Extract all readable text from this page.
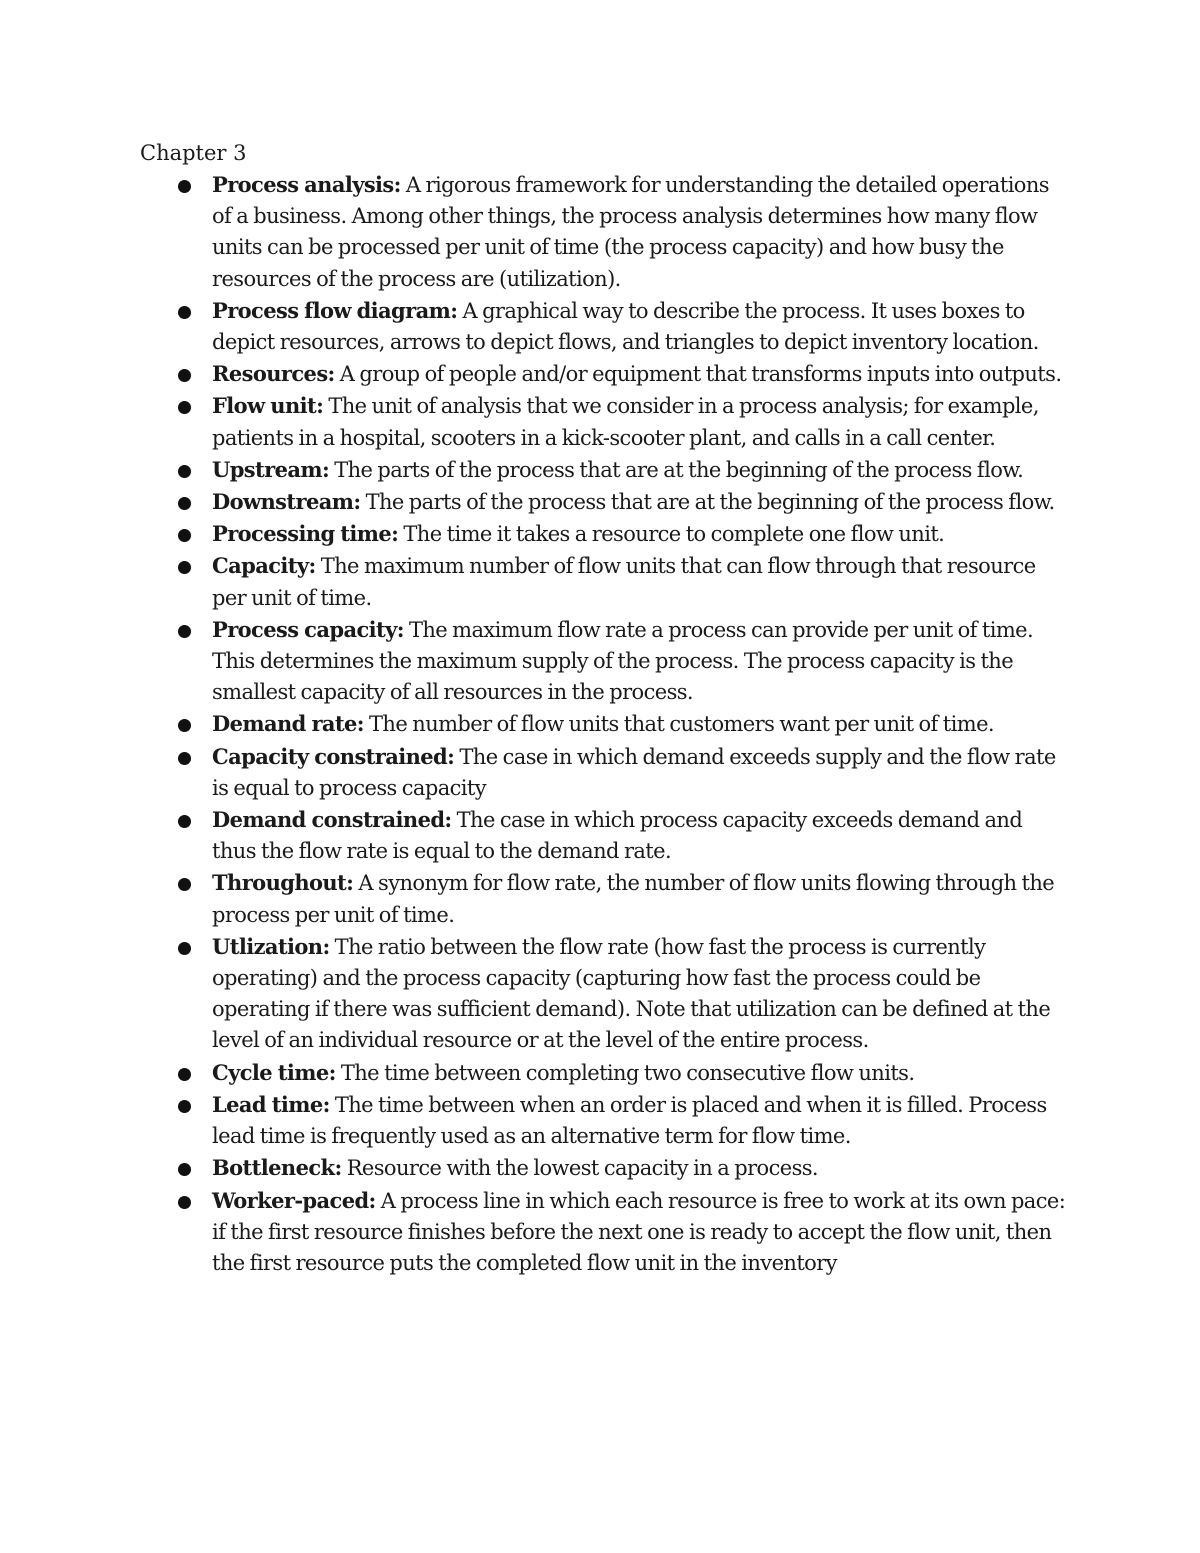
Chapter 3
Process analysis: A rigorous framework for understanding the detailed operations of a business. Among other things, the process analysis determines how many flow units can be processed per unit of time (the process capacity) and how busy the resources of the process are (utilization).
Process flow diagram: A graphical way to describe the process. It uses boxes to depict resources, arrows to depict flows, and triangles to depict inventory location.
Resources: A group of people and/or equipment that transforms inputs into outputs.
Flow unit: The unit of analysis that we consider in a process analysis; for example, patients in a hospital, scooters in a kick-scooter plant, and calls in a call center.
Upstream: The parts of the process that are at the beginning of the process flow.
Downstream: The parts of the process that are at the beginning of the process flow.
Processing time: The time it takes a resource to complete one flow unit.
Capacity: The maximum number of flow units that can flow through that resource per unit of time.
Process capacity: The maximum flow rate a process can provide per unit of time. This determines the maximum supply of the process. The process capacity is the smallest capacity of all resources in the process.
Demand rate: The number of flow units that customers want per unit of time.
Capacity constrained: The case in which demand exceeds supply and the flow rate is equal to process capacity
Demand constrained: The case in which process capacity exceeds demand and thus the flow rate is equal to the demand rate.
Throughout: A synonym for flow rate, the number of flow units flowing through the process per unit of time.
Utlization: The ratio between the flow rate (how fast the process is currently operating) and the process capacity (capturing how fast the process could be operating if there was sufficient demand). Note that utilization can be defined at the level of an individual resource or at the level of the entire process.
Cycle time: The time between completing two consecutive flow units.
Lead time: The time between when an order is placed and when it is filled. Process lead time is frequently used as an alternative term for flow time.
Bottleneck: Resource with the lowest capacity in a process.
Worker-paced: A process line in which each resource is free to work at its own pace: if the first resource finishes before the next one is ready to accept the flow unit, then the first resource puts the completed flow unit in the inventory
